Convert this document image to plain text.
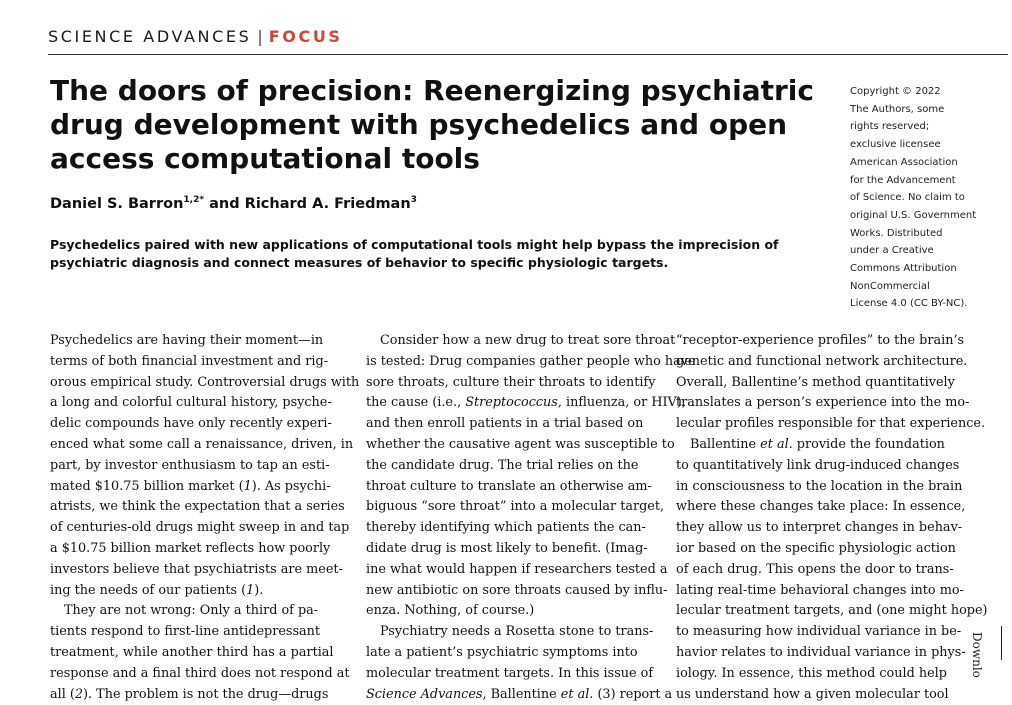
SCIENCE ADVANCES | FOCUS
The doors of precision: Reenergizing psychiatric drug development with psychedelics and open access computational tools
Daniel S. Barron$^{1,2*}$ and Richard A. Friedman$^3$

Psychedelics paired with new applications of computational tools might help bypass the imprecision of psychiatric diagnosis and connect measures of behavior to specific physiologic targets.

Copyright © 2022
The Authors, some
rights reserved;
exclusive licensee
American Association
for the Advancement
of Science. No claim to
original U.S. Government
Works. Distributed
under a Creative
Commons Attribution
NonCommercial
License 4.0 (CC BY-NC).
Psychedelics are having their moment—in
terms of both financial investment and rig-
orous empirical study. Controversial drugs with
a long and colorful cultural history, psyche-
delic compounds have only recently experi-
enced what some call a renaissance, driven, in
part, by investor enthusiasm to tap an esti-
mated $10.75 billion market (1). As psychi-
atrists, we think the expectation that a series
of centuries-old drugs might sweep in and tap
a $10.75 billion market reflects how poorly
investors believe that psychiatrists are meet-
ing the needs of our patients (1).
They are not wrong: Only a third of pa-
tients respond to first-line antidepressant
treatment, while another third has a partial
response and a final third does not respond at
all (2). The problem is not the drug—drugs
Consider how a new drug to treat sore throat
is tested: Drug companies gather people who have
sore throats, culture their throats to identify
the cause (i.e., Streptococcus, influenza, or HIV),
and then enroll patients in a trial based on
whether the causative agent was susceptible to
the candidate drug. The trial relies on the
throat culture to translate an otherwise am-
biguous “sore throat” into a molecular target,
thereby identifying which patients the can-
didate drug is most likely to benefit. (Imag-
ine what would happen if researchers tested a
new antibiotic on sore throats caused by influ-
enza. Nothing, of course.)
Psychiatry needs a Rosetta stone to trans-
late a patient’s psychiatric symptoms into
molecular treatment targets. In this issue of
Science Advances, Ballentine et al. (3) report a
“receptor-experience profiles” to the brain’s
genetic and functional network architecture.
Overall, Ballentine’s method quantitatively
translates a person’s experience into the mo-
lecular profiles responsible for that experience.
Ballentine et al. provide the foundation
to quantitatively link drug-induced changes
in consciousness to the location in the brain
where these changes take place: In essence,
they allow us to interpret changes in behav-
ior based on the specific physiologic action
of each drug. This opens the door to trans-
lating real-time behavioral changes into mo-
lecular treatment targets, and (one might hope)
to measuring how individual variance in be-
havior relates to individual variance in phys-
iology. In essence, this method could help
us understand how a given molecular tool
Downlo
